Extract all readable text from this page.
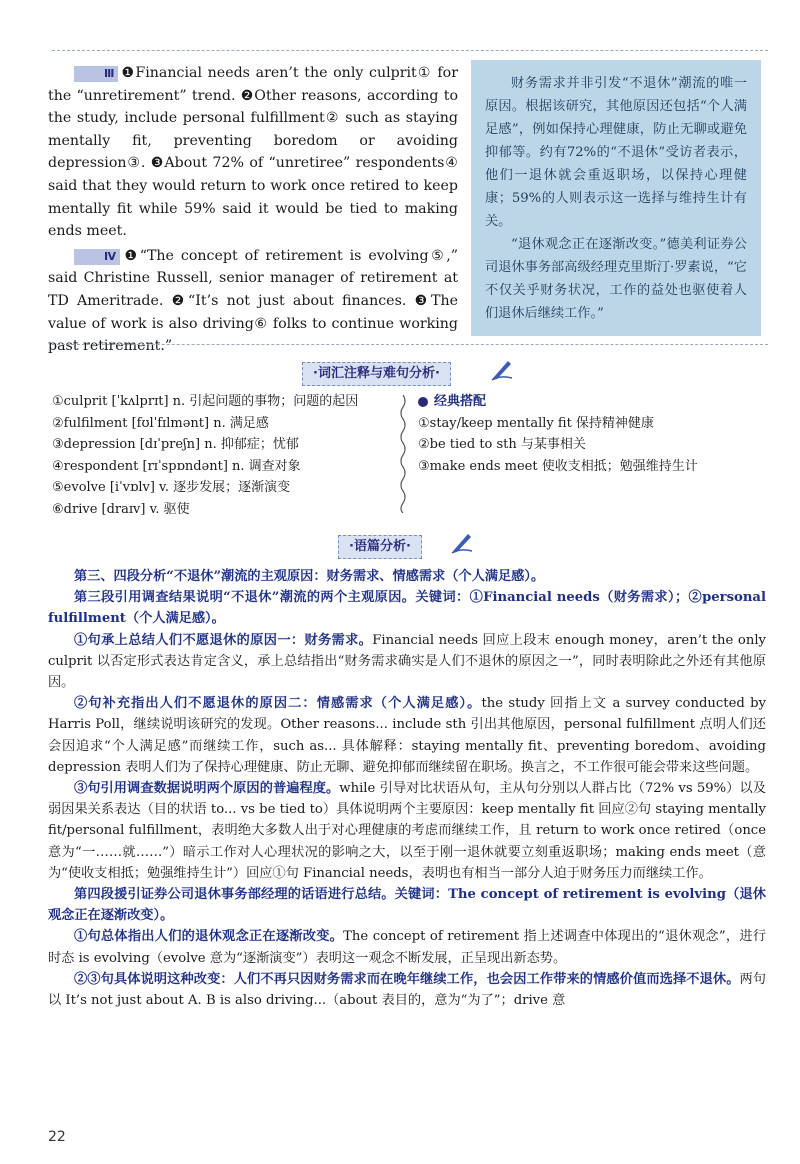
Ⅲ ❶Financial needs aren’t the only culprit① for the “unretirement” trend. ❷Other reasons, according to the study, include personal fulfillment② such as staying mentally fit, preventing boredom or avoiding depression③. ❸About 72% of “unretiree” respondents④ said that they would return to work once retired to keep mentally fit while 59% said it would be tied to making ends meet.

Ⅳ ❶“The concept of retirement is evolving⑤,” said Christine Russell, senior manager of retirement at TD Ameritrade. ❷“It’s not just about finances. ❸The value of work is also driving⑥ folks to continue working past retirement.”

财务需求并非引发“不退休”潮流的唯一原因。根据该研究，其他原因还包括“个人满足感”，例如保持心理健康，防止无聊或避免抑郁等。约有72%的“不退休”受访者表示，他们一退休就会重返职场，以保持心理健康；59%的人则表示这一选择与维持生计有关。

“退休观念正在逐渐改变。”德美利证券公司退休事务部高级经理克里斯汀·罗素说，“它不仅关乎财务状况，工作的益处也驱使着人们退休后继续工作。”

·词汇注释与难句分析·
①culprit [ˈkʌlprɪt] n. 引起问题的事物；问题的起因
②fulfilment [fʊlˈfɪlmənt] n. 满足感
③depression [dɪˈpreʃn] n. 抑郁症；忧郁
④respondent [rɪˈspɒndənt] n. 调查对象
⑤evolve [iˈvɒlv] v. 逐步发展；逐渐演变
⑥drive [draɪv] v. 驱使
经典搭配
①stay/keep mentally fit 保持精神健康
②be tied to sth 与某事相关
③make ends meet 使收支相抵；勉强维持生计
·语篇分析·

第三、四段分析“不退休”潮流的主观原因：财务需求、情感需求（个人满足感）。

第三段引用调查结果说明“不退休”潮流的两个主观原因。关键词：①Financial needs（财务需求）；②personal fulfillment（个人满足感）。

①句承上总结人们不愿退休的原因一：财务需求。Financial needs 回应上段末 enough money，aren’t the only culprit 以否定形式表达肯定含义，承上总结指出“财务需求确实是人们不退休的原因之一”，同时表明除此之外还有其他原因。

②句补充指出人们不愿退休的原因二：情感需求（个人满足感）。the study 回指上文 a survey conducted by Harris Poll，继续说明该研究的发现。Other reasons... include sth 引出其他原因，personal fulfillment 点明人们还会因追求“个人满足感”而继续工作，such as... 具体解释：staying mentally fit、preventing boredom、avoiding depression 表明人们为了保持心理健康、防止无聊、避免抑郁而继续留在职场。换言之，不工作很可能会带来这些问题。

③句引用调查数据说明两个原因的普遍程度。while 引导对比状语从句，主从句分别以人群占比（72% vs 59%）以及弱因果关系表达（目的状语 to... vs be tied to）具体说明两个主要原因：keep mentally fit 回应②句 staying mentally fit/personal fulfillment，表明绝大多数人出于对心理健康的考虑而继续工作，且 return to work once retired（once 意为“一……就……”）暗示工作对人心理状况的影响之大，以至于刚一退休就要立刻重返职场；making ends meet（意为“使收支相抵；勉强维持生计”）回应①句 Financial needs，表明也有相当一部分人迫于财务压力而继续工作。

第四段援引证券公司退休事务部经理的话语进行总结。关键词：The concept of retirement is evolving（退休观念正在逐渐改变）。

①句总体指出人们的退休观念正在逐渐改变。The concept of retirement 指上述调查中体现出的“退休观念”，进行时态 is evolving（evolve 意为“逐渐演变”）表明这一观念不断发展，正呈现出新态势。

②③句具体说明这种改变：人们不再只因财务需求而在晚年继续工作，也会因工作带来的情感价值而选择不退休。两句以 It’s not just about A. B is also driving...（about 表目的，意为“为了”；drive 意

22
